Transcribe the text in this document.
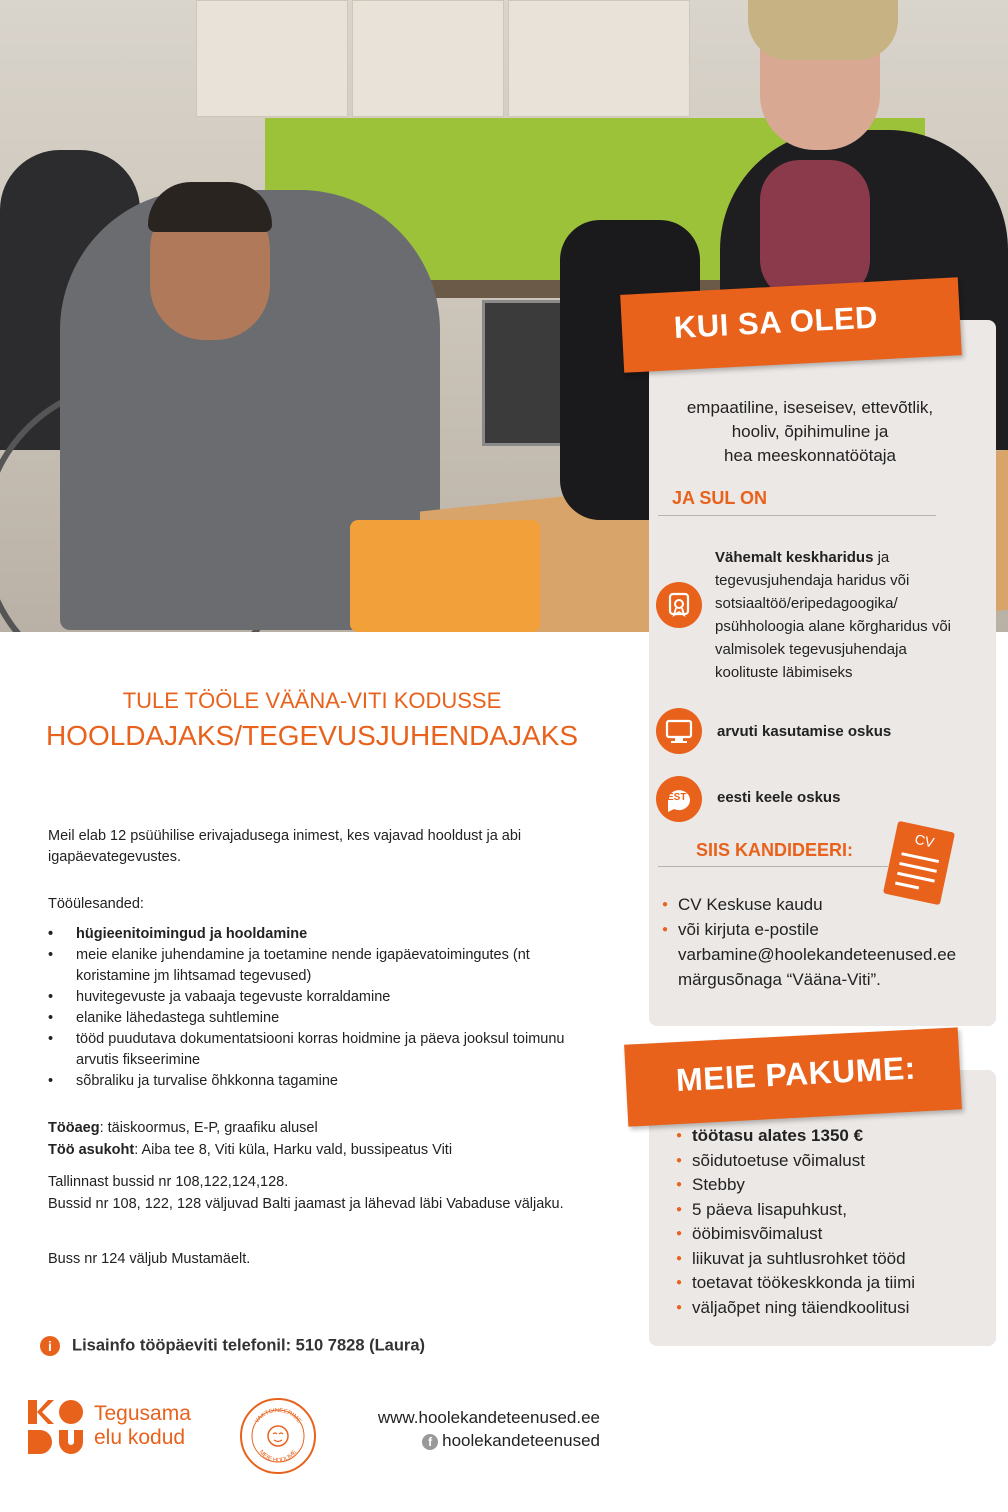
KUI SA OLED
empaatiline, iseseisev, ettevõtlik,
hooliv, õpihimuline ja
hea meeskonnatöötaja
JA SUL ON
Vähemalt keskharidus ja
tegevusjuhendaja haridus või
sotsiaaltöö/eripedagoogika/
psühholoogia alane kõrgharidus või
valmisolek tegevusjuhendaja
koolituste läbimiseks
arvuti kasutamise oskus
EST eesti keele oskus
SIIS KANDIDEERI:	CV
● CV Keskuse kaudu
● või kirjuta e-postile
varbamine@hoolekandeteenused.ee
märgusõnaga “Vääna-Viti”.
MEIE PAKUME:
● töötasu alates 1350 €
● sõidutoetuse võimalust
● Stebby
● 5 päeva lisapuhkust,
● ööbimisvõimalust
● liikuvat ja suhtlusrohket tööd
● toetavat töökeskkonda ja tiimi
● väljaõpet ning täiendkoolitusi
TULE TÖÖLE VÄÄNA-VITI KODUSSE
HOOLDAJAKS/TEGEVUSJUHENDAJAKS
Meil elab 12 psüühilise erivajadusega inimest, kes vajavad hooldust ja abi igapäevategevustes.
Tööülesanded:
• hügieenitoimingud ja hooldamine
• meie elanike juhendamine ja toetamine nende igapäevatoimingutes (nt koristamine jm lihtsamad tegevused)
• huvitegevuste ja vabaaja tegevuste korraldamine
• elanike lähedastega suhtlemine
• tööd puudutava dokumentatsiooni korras hoidmine ja päeva jooksul toimunu arvutis fikseerimine
• sõbraliku ja turvalise õhkkonna tagamine
Tööaeg: täiskoormus, E-P, graafiku alusel
Töö asukoht: Aiba tee 8, Viti küla, Harku vald, bussipeatus Viti
Tallinnast bussid nr 108,122,124,128.
Bussid nr 108, 122, 128 väljuvad Balti jaamast ja lähevad läbi Vabaduse väljaku.
Buss nr 124 väljub Mustamäelt.
i Lisainfo tööpäeviti telefonil: 510 7828 (Laura)
Tegusama
elu kodud
VAKTSINEERIME
MEIE HOOLIME
www.hoolekandeteenused.ee
f hoolekandeteenused
